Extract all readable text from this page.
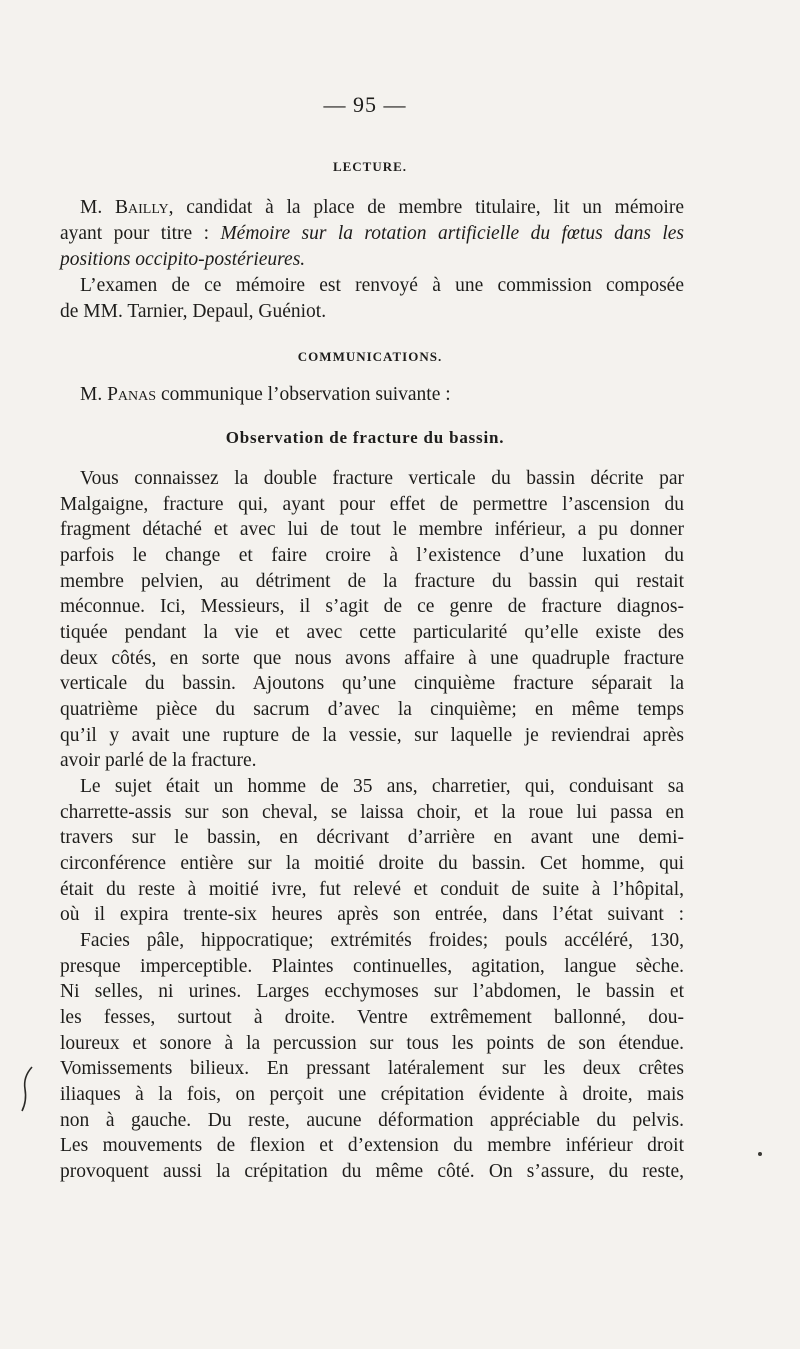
— 95 —
LECTURE.
M. Bailly, candidat à la place de membre titulaire, lit un mémoire
ayant pour titre : Mémoire sur la rotation artificielle du fœtus dans les
positions occipito-postérieures.
L’examen de ce mémoire est renvoyé à une commission composée
de MM. Tarnier, Depaul, Guéniot.
COMMUNICATIONS.
M. Panas communique l’observation suivante :
Observation de fracture du bassin.
Vous connaissez la double fracture verticale du bassin décrite par
Malgaigne, fracture qui, ayant pour effet de permettre l’ascension du
fragment détaché et avec lui de tout le membre inférieur, a pu donner
parfois le change et faire croire à l’existence d’une luxation du
membre pelvien, au détriment de la fracture du bassin qui restait
méconnue. Ici, Messieurs, il s’agit de ce genre de fracture diagnos-
tiquée pendant la vie et avec cette particularité qu’elle existe des
deux côtés, en sorte que nous avons affaire à une quadruple fracture
verticale du bassin. Ajoutons qu’une cinquième fracture séparait la
quatrième pièce du sacrum d’avec la cinquième; en même temps
qu’il y avait une rupture de la vessie, sur laquelle je reviendrai après
avoir parlé de la fracture.
Le sujet était un homme de 35 ans, charretier, qui, conduisant sa
charrette-assis sur son cheval, se laissa choir, et la roue lui passa en
travers sur le bassin, en décrivant d’arrière en avant une demi-
circonférence entière sur la moitié droite du bassin. Cet homme, qui
était du reste à moitié ivre, fut relevé et conduit de suite à l’hôpital,
où il expira trente-six heures après son entrée, dans l’état suivant :
Facies pâle, hippocratique; extrémités froides; pouls accéléré, 130,
presque imperceptible. Plaintes continuelles, agitation, langue sèche.
Ni selles, ni urines. Larges ecchymoses sur l’abdomen, le bassin et
les fesses, surtout à droite. Ventre extrêmement ballonné, dou-
loureux et sonore à la percussion sur tous les points de son étendue.
Vomissements bilieux. En pressant latéralement sur les deux crêtes
iliaques à la fois, on perçoit une crépitation évidente à droite, mais
non à gauche. Du reste, aucune déformation appréciable du pelvis.
Les mouvements de flexion et d’extension du membre inférieur droit
provoquent aussi la crépitation du même côté. On s’assure, du reste,
